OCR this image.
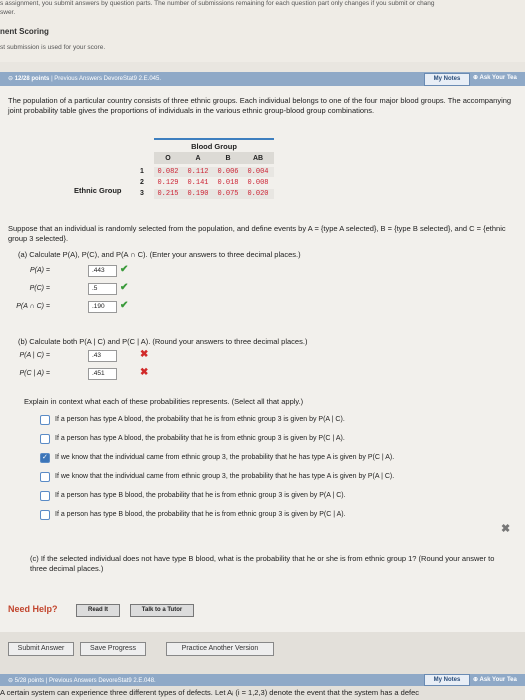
s assignment, you submit answers by question parts. The number of submissions remaining for each question part only changes if you submit or chang
swer.
nent Scoring
st submission is used for your score.
⊖ 12/28 points | Previous Answers DevoreStat9 2.E.045.	My Notes	⊕ Ask Your Tea
The population of a particular country consists of three ethnic groups. Each individual belongs to one of the four major blood groups. The accompanying joint probability table gives the proportions of individuals in the various ethnic group-blood group combinations.
Blood Group
O	A	B	AB
Ethnic Group
1	0.082	0.112	0.006	0.004
2	0.129	0.141	0.018	0.008
3	0.215	0.190	0.075	0.020
Suppose that an individual is randomly selected from the population, and define events by A = {type A selected}, B = {type B selected}, and C = {ethnic group 3 selected}.
(a) Calculate P(A), P(C), and P(A ∩ C). (Enter your answers to three decimal places.)
P(A) =	.443	✔
P(C) =	.5	✔
P(A ∩ C) =	.190	✔
(b) Calculate both P(A | C) and P(C | A). (Round your answers to three decimal places.)
P(A | C) =	.43	✖
P(C | A) =	.451	✖
Explain in context what each of these probabilities represents. (Select all that apply.)
If a person has type A blood, the probability that he is from ethnic group 3 is given by P(A | C).
If a person has type A blood, the probability that he is from ethnic group 3 is given by P(C | A).
✓
If we know that the individual came from ethnic group 3, the probability that he has type A is given by P(C | A).
If we know that the individual came from ethnic group 3, the probability that he has type A is given by P(A | C).
If a person has type B blood, the probability that he is from ethnic group 3 is given by P(A | C).
If a person has type B blood, the probability that he is from ethnic group 3 is given by P(C | A).
✖
(c) If the selected individual does not have type B blood, what is the probability that he or she is from ethnic group 1? (Round your answer to three decimal places.)
Need Help?	Read It	Talk to a Tutor
Submit Answer	Save Progress	Practice Another Version
⊖ 5/28 points | Previous Answers DevoreStat9 2.E.048.	My Notes	⊕ Ask Your Tea
A certain system can experience three different types of defects. Let Aᵢ (i = 1,2,3) denote the event that the system has a defec
